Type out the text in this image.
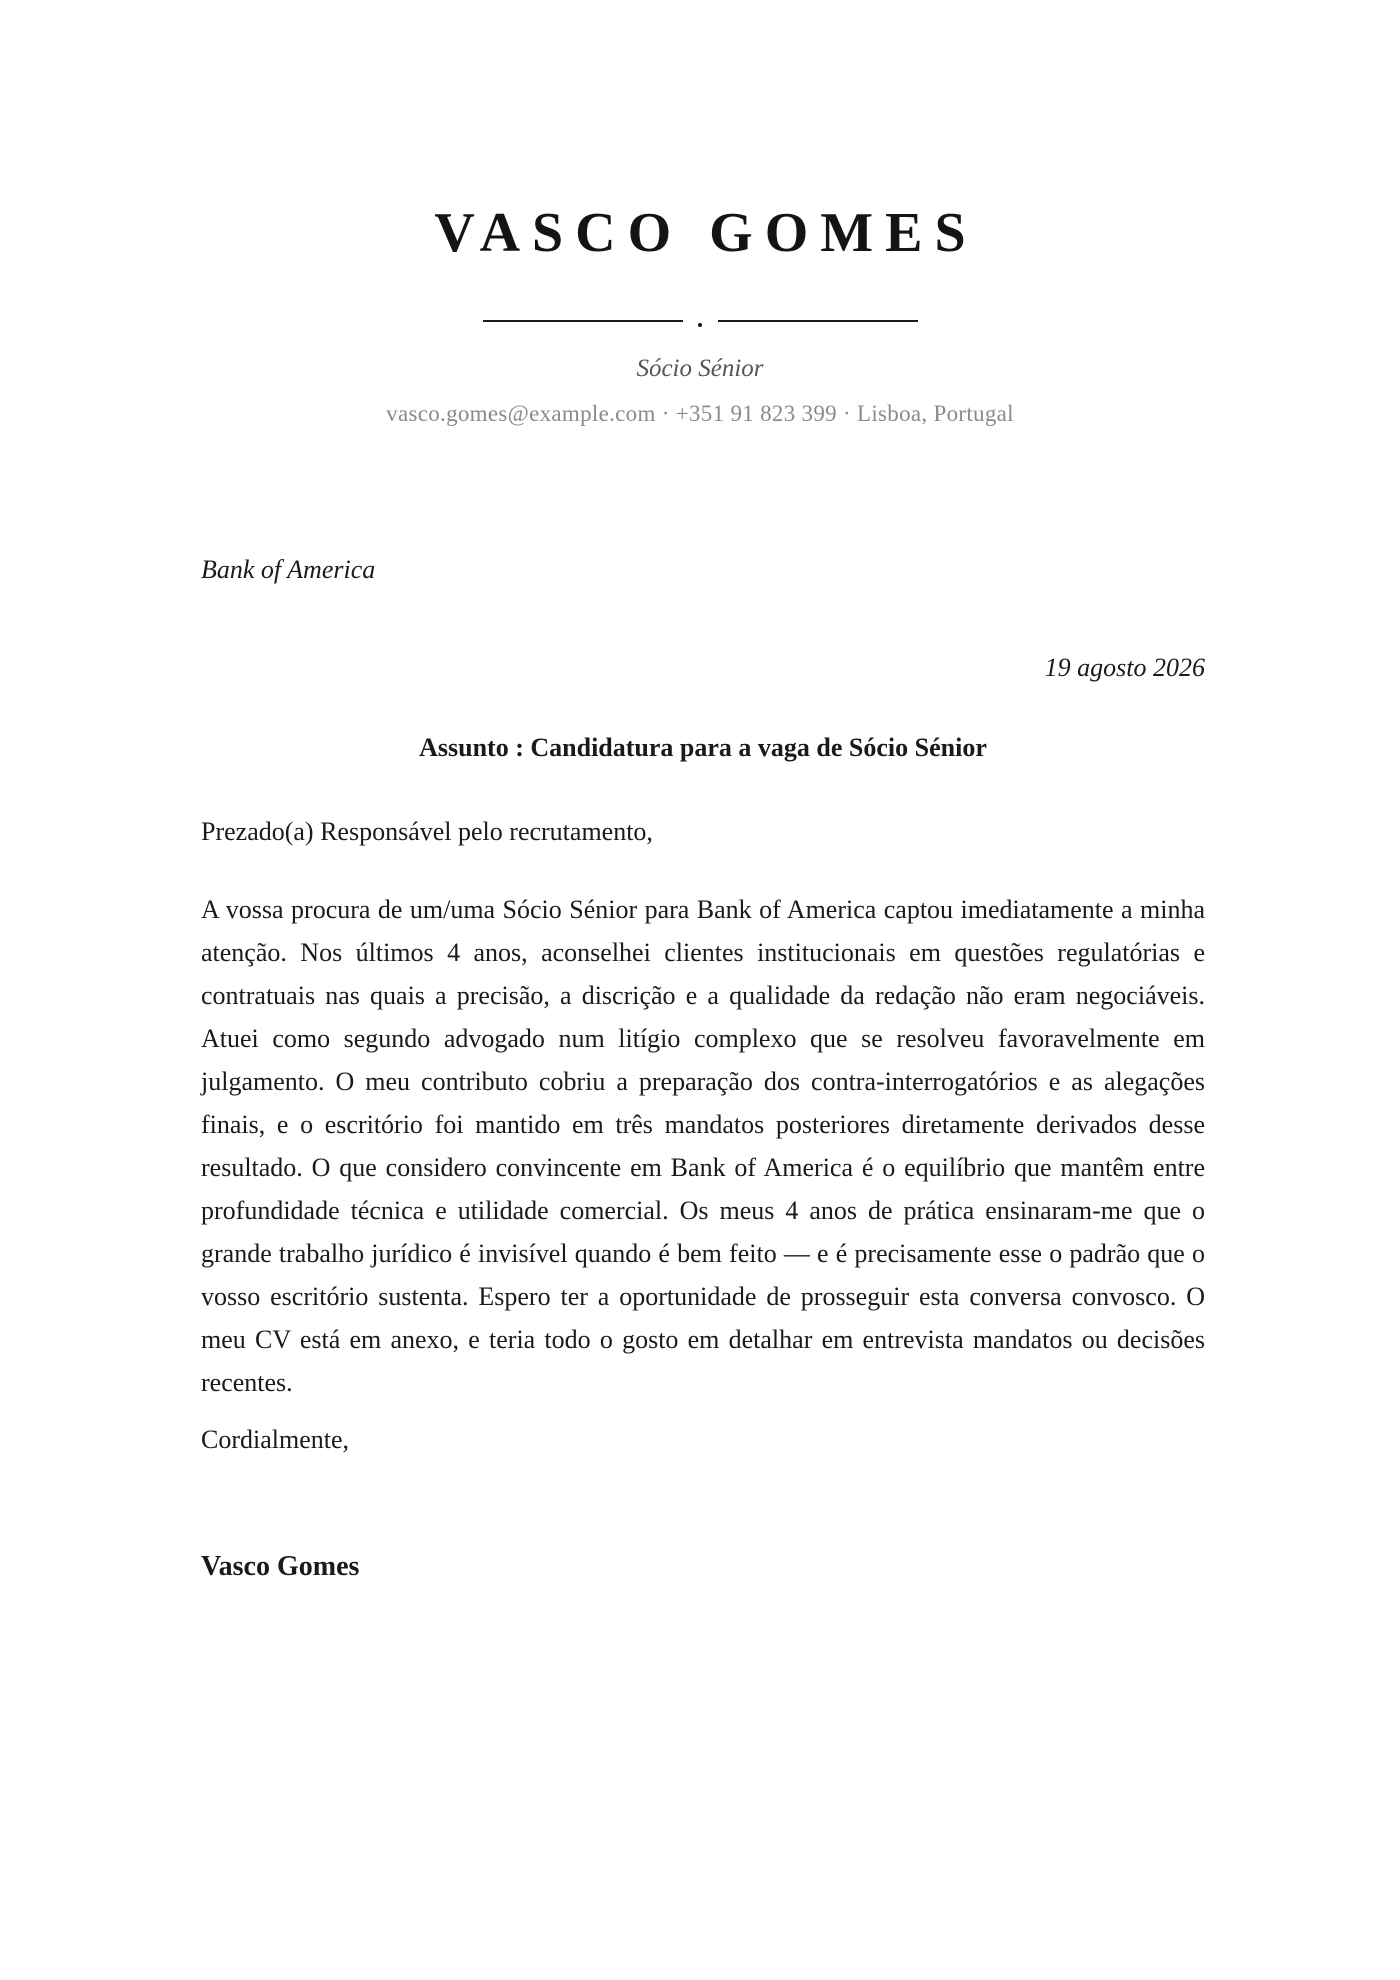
VASCO GOMES
Sócio Sénior
vasco.gomes@example.com · +351 91 823 399 · Lisboa, Portugal

Bank of America

19 agosto 2026

Assunto : Candidatura para a vaga de Sócio Sénior

Prezado(a) Responsável pelo recrutamento,

A vossa procura de um/uma Sócio Sénior para Bank of America captou imediatamente a minha atenção. Nos últimos 4 anos, aconselhei clientes institucionais em questões regulatórias e contratuais nas quais a precisão, a discrição e a qualidade da redação não eram negociáveis. Atuei como segundo advogado num litígio complexo que se resolveu favoravelmente em julgamento. O meu contributo cobriu a preparação dos contra-interrogatórios e as alegações finais, e o escritório foi mantido em três mandatos posteriores diretamente derivados desse resultado. O que considero convincente em Bank of America é o equilíbrio que mantêm entre profundidade técnica e utilidade comercial. Os meus 4 anos de prática ensinaram-me que o grande trabalho jurídico é invisível quando é bem feito — e é precisamente esse o padrão que o vosso escritório sustenta. Espero ter a oportunidade de prosseguir esta conversa convosco. O meu CV está em anexo, e teria todo o gosto em detalhar em entrevista mandatos ou decisões recentes.

Cordialmente,

Vasco Gomes
